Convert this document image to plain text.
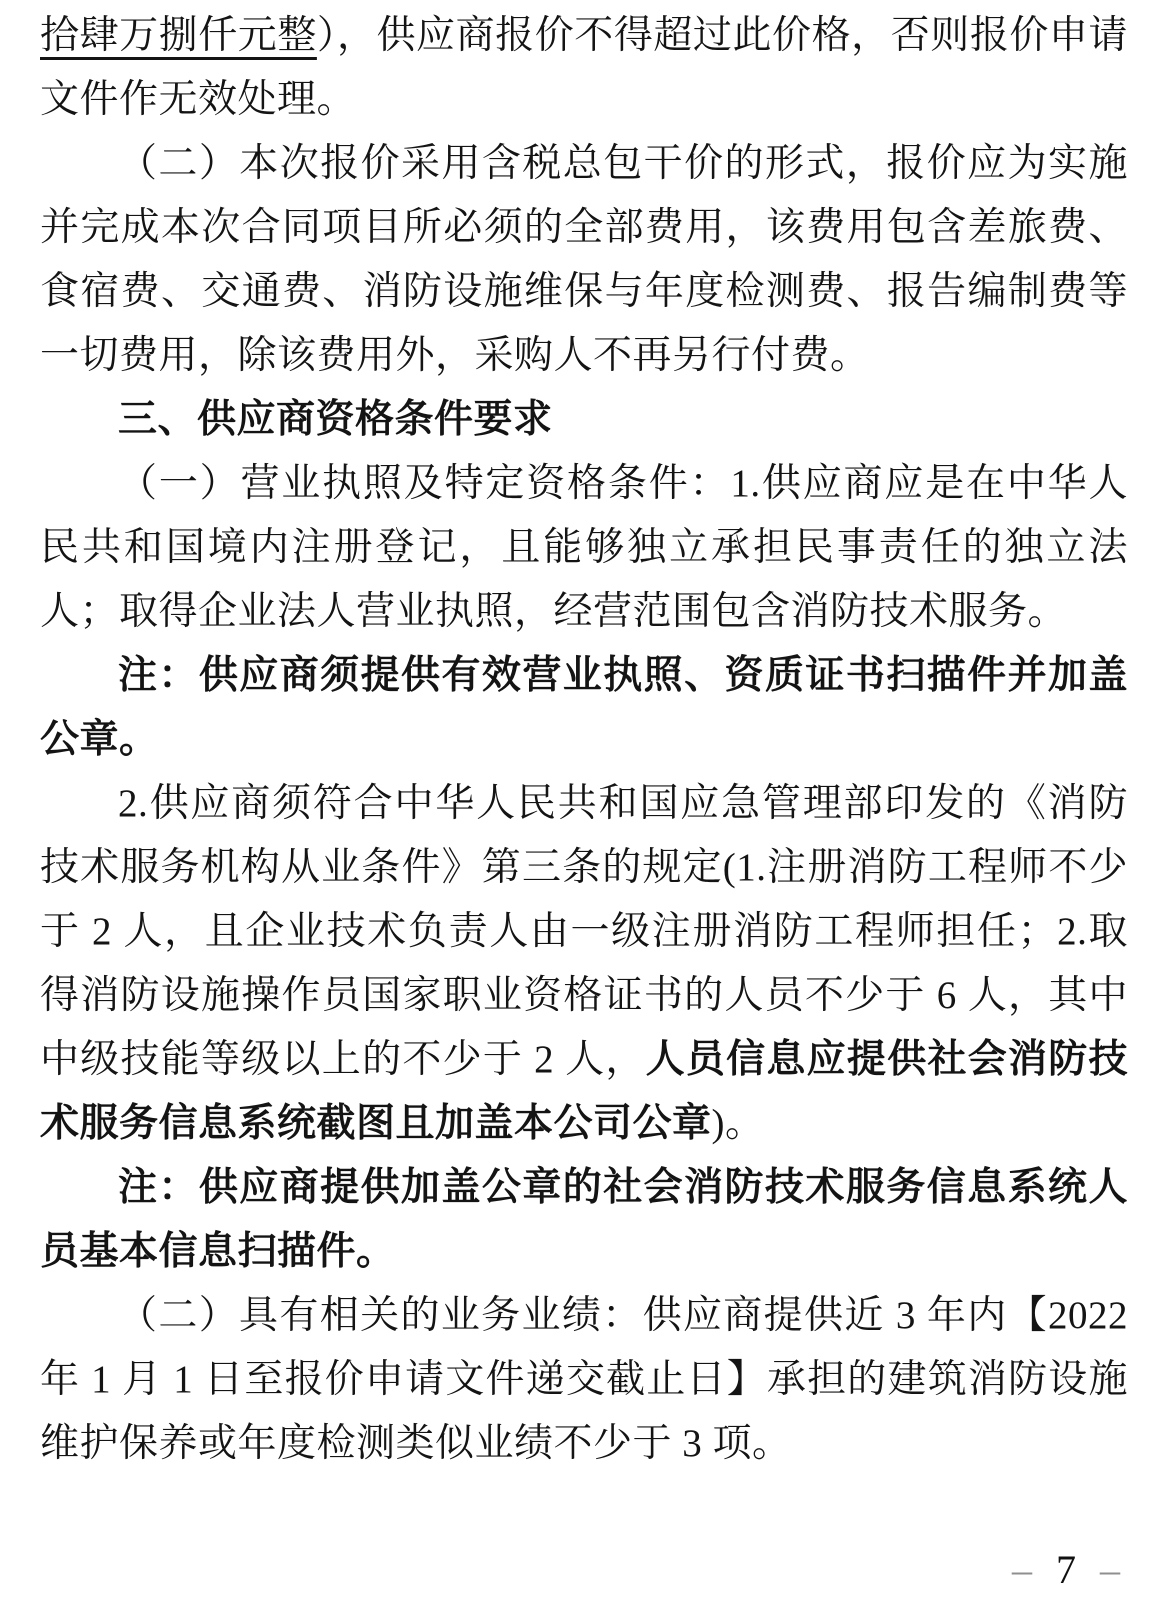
拾肆万捌仟元整），供应商报价不得超过此价格，否则报价申请文件作无效处理。

（二）本次报价采用含税总包干价的形式，报价应为实施并完成本次合同项目所必须的全部费用，该费用包含差旅费、食宿费、交通费、消防设施维保与年度检测费、报告编制费等一切费用，除该费用外，采购人不再另行付费。

三、供应商资格条件要求

（一）营业执照及特定资格条件：1.供应商应是在中华人民共和国境内注册登记，且能够独立承担民事责任的独立法人；取得企业法人营业执照，经营范围包含消防技术服务。

注：供应商须提供有效营业执照、资质证书扫描件并加盖公章。

2.供应商须符合中华人民共和国应急管理部印发的《消防技术服务机构从业条件》第三条的规定(1.注册消防工程师不少于 2 人，且企业技术负责人由一级注册消防工程师担任；2.取得消防设施操作员国家职业资格证书的人员不少于 6 人，其中中级技能等级以上的不少于 2 人，人员信息应提供社会消防技术服务信息系统截图且加盖本公司公章)。

注：供应商提供加盖公章的社会消防技术服务信息系统人员基本信息扫描件。

（二）具有相关的业务业绩：供应商提供近 3 年内【2022 年 1 月 1 日至报价申请文件递交截止日】承担的建筑消防设施维护保养或年度检测类似业绩不少于 3 项。

– 7 –
